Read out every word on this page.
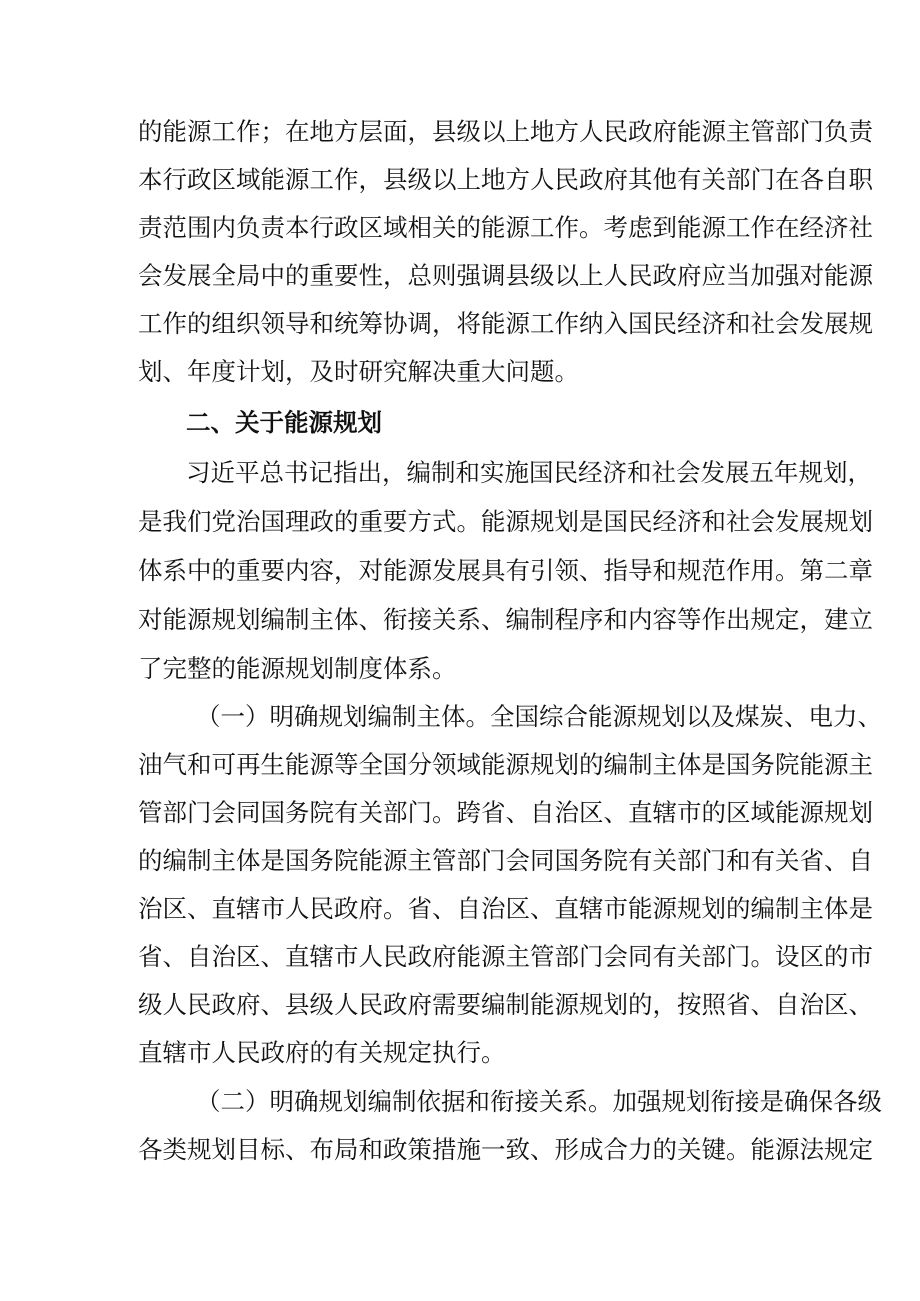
的能源工作；在地方层面，县级以上地方人民政府能源主管部门负责

本行政区域能源工作，县级以上地方人民政府其他有关部门在各自职

责范围内负责本行政区域相关的能源工作。考虑到能源工作在经济社

会发展全局中的重要性，总则强调县级以上人民政府应当加强对能源

工作的组织领导和统筹协调，将能源工作纳入国民经济和社会发展规

划、年度计划，及时研究解决重大问题。

二、关于能源规划

习近平总书记指出，编制和实施国民经济和社会发展五年规划，

是我们党治国理政的重要方式。能源规划是国民经济和社会发展规划

体系中的重要内容，对能源发展具有引领、指导和规范作用。第二章

对能源规划编制主体、衔接关系、编制程序和内容等作出规定，建立

了完整的能源规划制度体系。

（一）明确规划编制主体。全国综合能源规划以及煤炭、电力、

油气和可再生能源等全国分领域能源规划的编制主体是国务院能源主

管部门会同国务院有关部门。跨省、自治区、直辖市的区域能源规划

的编制主体是国务院能源主管部门会同国务院有关部门和有关省、自

治区、直辖市人民政府。省、自治区、直辖市能源规划的编制主体是

省、自治区、直辖市人民政府能源主管部门会同有关部门。设区的市

级人民政府、县级人民政府需要编制能源规划的，按照省、自治区、

直辖市人民政府的有关规定执行。

（二）明确规划编制依据和衔接关系。加强规划衔接是确保各级

各类规划目标、布局和政策措施一致、形成合力的关键。能源法规定
